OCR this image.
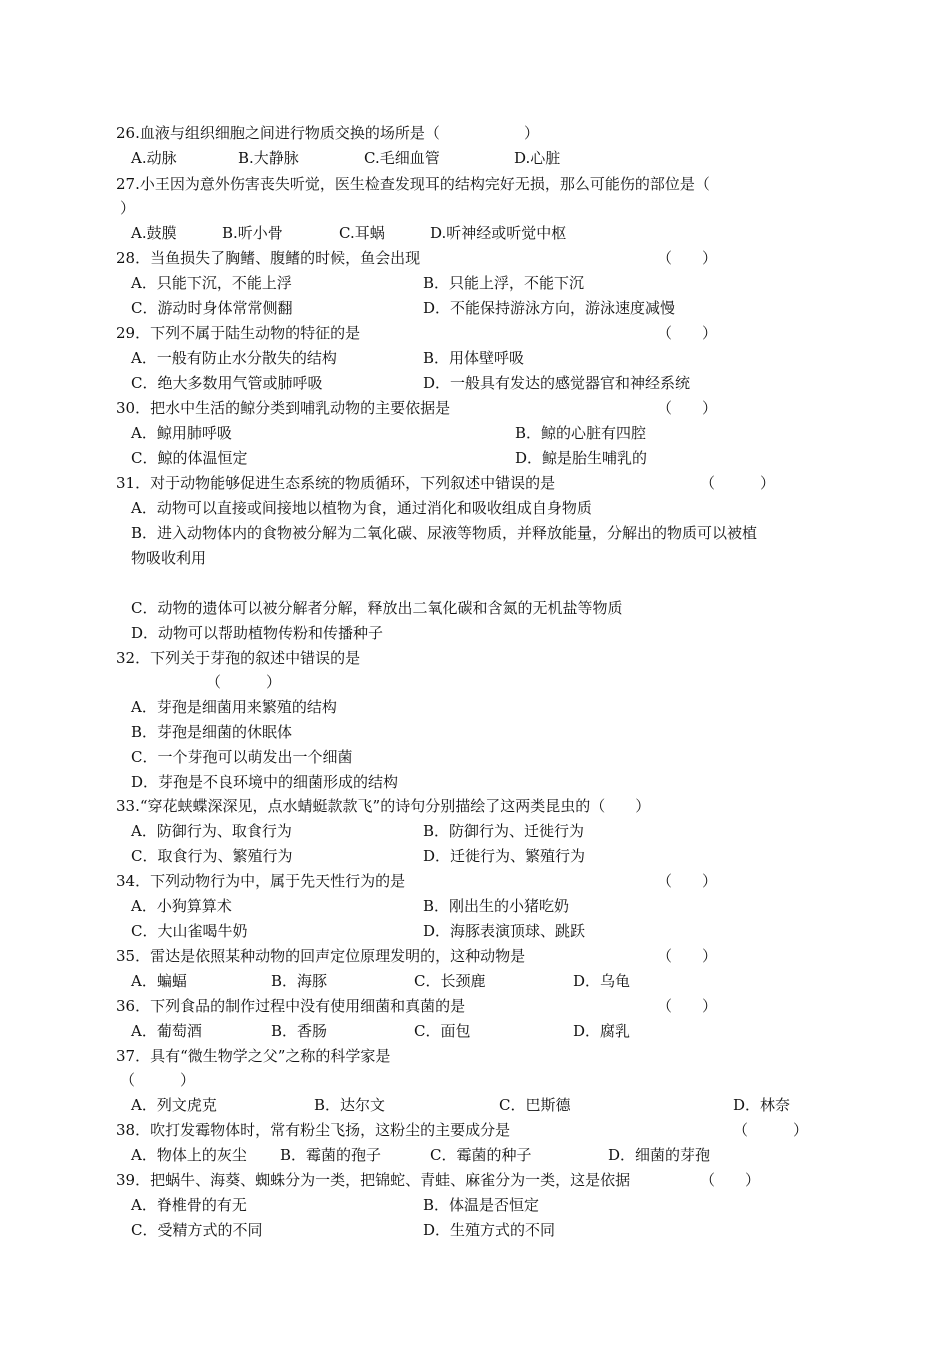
26.血液与组织细胞之间进行物质交换的场所是（	）
A.动脉	B.大静脉	C.毛细血管	D.心脏
27.小王因为意外伤害丧失听觉，医生检查发现耳的结构完好无损，那么可能伤的部位是（
）
A.鼓膜	B.听小骨	C.耳蜗	D.听神经或听觉中枢
28．当鱼损失了胸鳍、腹鳍的时候，鱼会出现	（　　）
A．只能下沉，不能上浮	B．只能上浮，不能下沉
C．游动时身体常常侧翻	D．不能保持游泳方向，游泳速度减慢
29．下列不属于陆生动物的特征的是	（　　）
A．一般有防止水分散失的结构	B．用体壁呼吸
C．绝大多数用气管或肺呼吸	D．一般具有发达的感觉器官和神经系统
30．把水中生活的鲸分类到哺乳动物的主要依据是	（　　）
A．鲸用肺呼吸	B．鲸的心脏有四腔
C．鲸的体温恒定	D．鲸是胎生哺乳的
31．对于动物能够促进生态系统的物质循环，下列叙述中错误的是	（　　　）
A．动物可以直接或间接地以植物为食，通过消化和吸收组成自身物质
B．进入动物体内的食物被分解为二氧化碳、尿液等物质，并释放能量，分解出的物质可以被植
物吸收利用
C．动物的遗体可以被分解者分解，释放出二氧化碳和含氮的无机盐等物质
D．动物可以帮助植物传粉和传播种子
32．下列关于芽孢的叙述中错误的是
（　　　）
A．芽孢是细菌用来繁殖的结构
B．芽孢是细菌的休眠体
C．一个芽孢可以萌发出一个细菌
D．芽孢是不良环境中的细菌形成的结构
33.“穿花蛱蝶深深见，点水蜻蜓款款飞”的诗句分别描绘了这两类昆虫的（　　）
A．防御行为、取食行为	B．防御行为、迁徙行为
C．取食行为、繁殖行为	D．迁徙行为、繁殖行为
34．下列动物行为中，属于先天性行为的是	（　　）
A．小狗算算术	B．刚出生的小猪吃奶
C．大山雀喝牛奶	D．海豚表演顶球、跳跃
35．雷达是依照某种动物的回声定位原理发明的，这种动物是	（　　）
A．蝙蝠	B．海豚	C．长颈鹿	D．乌龟
36．下列食品的制作过程中没有使用细菌和真菌的是	（　　）
A．葡萄酒	B．香肠	C．面包	D．腐乳
37．具有“微生物学之父”之称的科学家是
（　　　）
A．列文虎克	B．达尔文	C．巴斯德	D．林奈
38．吹打发霉物体时，常有粉尘飞扬，这粉尘的主要成分是	（　　　）
A．物体上的灰尘 B．霉菌的孢子	C．霉菌的种子	D．细菌的芽孢
39．把蜗牛、海葵、蜘蛛分为一类，把锦蛇、青蛙、麻雀分为一类，这是依据	（　　）
A．脊椎骨的有无	B．体温是否恒定
C．受精方式的不同	D．生殖方式的不同
